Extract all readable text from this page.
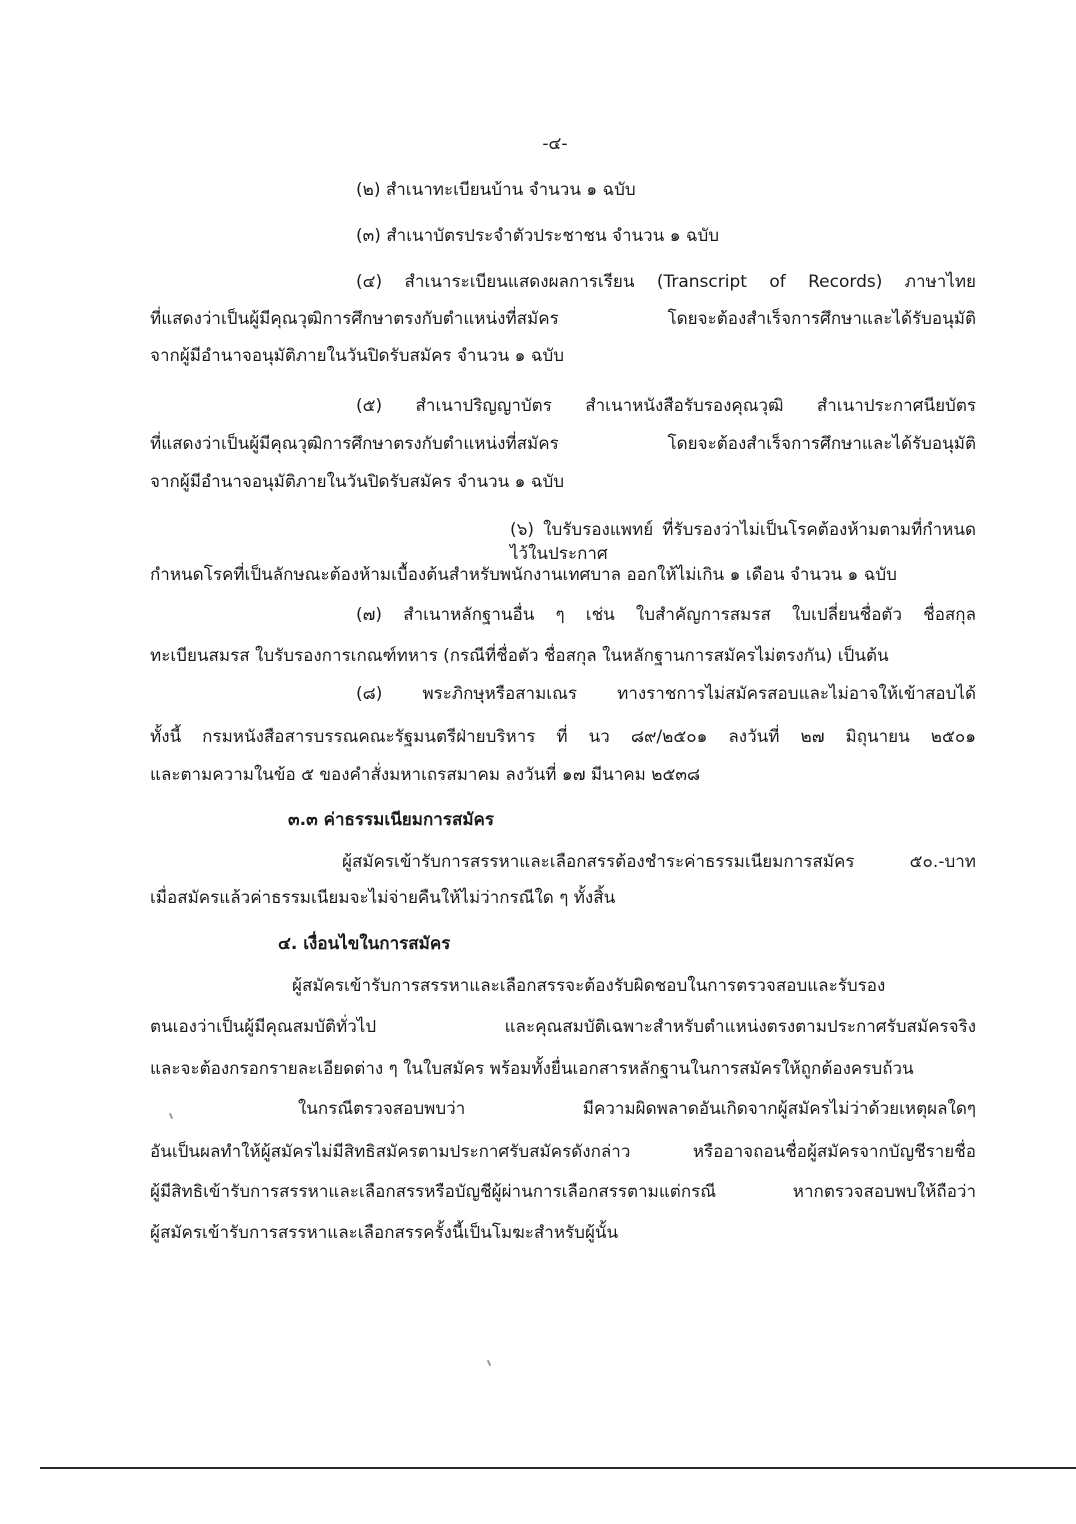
-๔-
(๒) สำเนาทะเบียนบ้าน จำนวน ๑ ฉบับ
(๓) สำเนาบัตรประจำตัวประชาชน จำนวน ๑ ฉบับ
(๔) สำเนาระเบียนแสดงผลการเรียน (Transcript of Records) ภาษาไทย
ที่แสดงว่าเป็นผู้มีคุณวุฒิการศึกษาตรงกับตำแหน่งที่สมัคร โดยจะต้องสำเร็จการศึกษาและได้รับอนุมัติ
จากผู้มีอำนาจอนุมัติภายในวันปิดรับสมัคร จำนวน ๑ ฉบับ
(๕) สำเนาปริญญาบัตร สำเนาหนังสือรับรองคุณวุฒิ สำเนาประกาศนียบัตร
ที่แสดงว่าเป็นผู้มีคุณวุฒิการศึกษาตรงกับตำแหน่งที่สมัคร โดยจะต้องสำเร็จการศึกษาและได้รับอนุมัติ
จากผู้มีอำนาจอนุมัติภายในวันปิดรับสมัคร จำนวน ๑ ฉบับ
(๖) ใบรับรองแพทย์ ที่รับรองว่าไม่เป็นโรคต้องห้ามตามที่กำหนดไว้ในประกาศ
กำหนดโรคที่เป็นลักษณะต้องห้ามเบื้องต้นสำหรับพนักงานเทศบาล ออกให้ไม่เกิน ๑ เดือน จำนวน ๑ ฉบับ
(๗) สำเนาหลักฐานอื่น ๆ เช่น ใบสำคัญการสมรส ใบเปลี่ยนชื่อตัว ชื่อสกุล
ทะเบียนสมรส ใบรับรองการเกณฑ์ทหาร (กรณีที่ชื่อตัว ชื่อสกุล ในหลักฐานการสมัครไม่ตรงกัน) เป็นต้น
(๘) พระภิกษุหรือสามเณร ทางราชการไม่สมัครสอบและไม่อาจให้เข้าสอบได้
ทั้งนี้ กรมหนังสือสารบรรณคณะรัฐมนตรีฝ่ายบริหาร ที่ นว ๘๙/๒๕๐๑ ลงวันที่ ๒๗ มิถุนายน ๒๕๐๑
และตามความในข้อ ๕ ของคำสั่งมหาเถรสมาคม ลงวันที่ ๑๗ มีนาคม ๒๕๓๘
๓.๓ ค่าธรรมเนียมการสมัคร
ผู้สมัครเข้ารับการสรรหาและเลือกสรรต้องชำระค่าธรรมเนียมการสมัคร ๕๐.-บาท
เมื่อสมัครแล้วค่าธรรมเนียมจะไม่จ่ายคืนให้ไม่ว่ากรณีใด ๆ ทั้งสิ้น
๔. เงื่อนไขในการสมัคร
ผู้สมัครเข้ารับการสรรหาและเลือกสรรจะต้องรับผิดชอบในการตรวจสอบและรับรอง
ตนเองว่าเป็นผู้มีคุณสมบัติทั่วไป และคุณสมบัติเฉพาะสำหรับตำแหน่งตรงตามประกาศรับสมัครจริง
และจะต้องกรอกรายละเอียดต่าง ๆ ในใบสมัคร พร้อมทั้งยื่นเอกสารหลักฐานในการสมัครให้ถูกต้องครบถ้วน
ในกรณีตรวจสอบพบว่า มีความผิดพลาดอันเกิดจากผู้สมัครไม่ว่าด้วยเหตุผลใดๆ
อันเป็นผลทำให้ผู้สมัครไม่มีสิทธิสมัครตามประกาศรับสมัครดังกล่าว หรืออาจถอนชื่อผู้สมัครจากบัญชีรายชื่อ
ผู้มีสิทธิเข้ารับการสรรหาและเลือกสรรหรือบัญชีผู้ผ่านการเลือกสรรตามแต่กรณี หากตรวจสอบพบให้ถือว่า
ผู้สมัครเข้ารับการสรรหาและเลือกสรรครั้งนี้เป็นโมฆะสำหรับผู้นั้น
